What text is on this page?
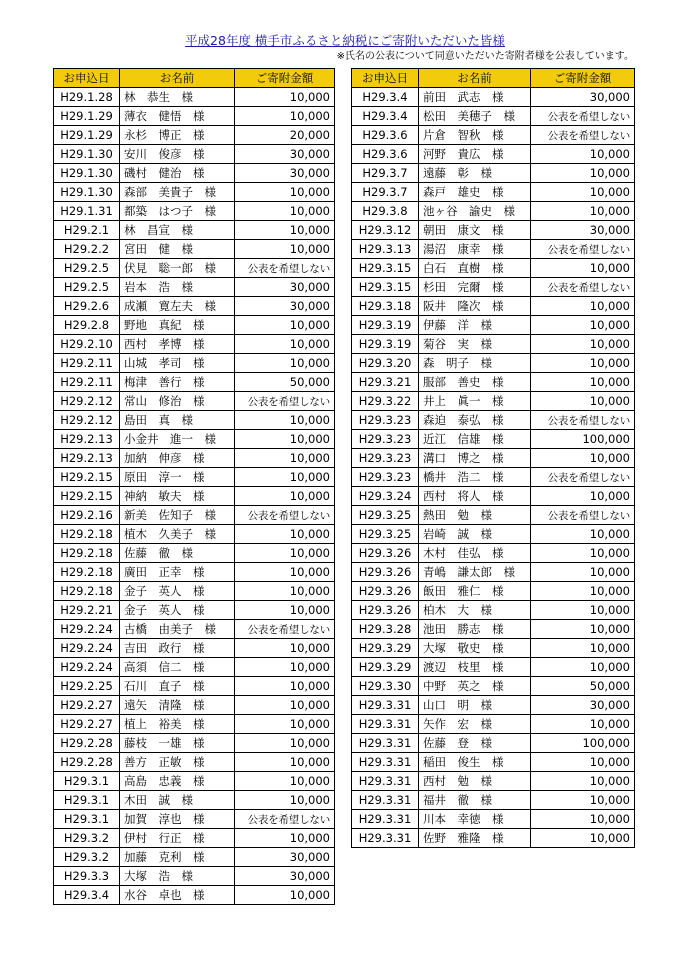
平成28年度 横手市ふるさと納税にご寄附いただいた皆様
※氏名の公表について同意いただいた寄附者様を公表しています。
お申込日	お名前	ご寄附金額
H29.1.28	林　恭生　様	10,000
H29.1.29	薄衣　健悟　様	10,000
H29.1.29	永杉　博正　様	20,000
H29.1.30	安川　俊彦　様	30,000
H29.1.30	磯村　健治　様	30,000
H29.1.30	森部　美貴子　様	10,000
H29.1.31	都築　はつ子　様	10,000
H29.2.1	林　昌宣　様	10,000
H29.2.2	宮田　健　様	10,000
H29.2.5	伏見　聡一郎　様	公表を希望しない
H29.2.5	岩本　浩　様	30,000
H29.2.6	成瀬　寛左夫　様	30,000
H29.2.8	野地　真紀　様	10,000
H29.2.10	西村　孝博　様	10,000
H29.2.11	山城　孝司　様	10,000
H29.2.11	梅津　善行　様	50,000
H29.2.12	常山　修治　様	公表を希望しない
H29.2.12	島田　真　様	10,000
H29.2.13	小金井　進一　様	10,000
H29.2.13	加納　伸彦　様	10,000
H29.2.15	原田　淳一　様	10,000
H29.2.15	神納　敏夫　様	10,000
H29.2.16	新美　佐知子　様	公表を希望しない
H29.2.18	植木　久美子　様	10,000
H29.2.18	佐藤　徹　様	10,000
H29.2.18	廣田　正幸　様	10,000
H29.2.18	金子　英人　様	10,000
H29.2.21	金子　英人　様	10,000
H29.2.24	古橋　由美子　様	公表を希望しない
H29.2.24	吉田　政行　様	10,000
H29.2.24	高須　信二　様	10,000
H29.2.25	石川　直子　様	10,000
H29.2.27	遠矢　清隆　様	10,000
H29.2.27	植上　裕美　様	10,000
H29.2.28	藤枝　一雄　様	10,000
H29.2.28	善方　正敏　様	10,000
H29.3.1	高島　忠義　様	10,000
H29.3.1	木田　誠　様	10,000
H29.3.1	加賀　淳也　様	公表を希望しない
H29.3.2	伊村　行正　様	10,000
H29.3.2	加藤　克利　様	30,000
H29.3.3	大塚　浩　様	30,000
H29.3.4	水谷　卓也　様	10,000
お申込日	お名前	ご寄附金額
H29.3.4	前田　武志　様	30,000
H29.3.4	松田　美穂子　様	公表を希望しない
H29.3.6	片倉　智秋　様	公表を希望しない
H29.3.6	河野　貴広　様	10,000
H29.3.7	遠藤　彰　様	10,000
H29.3.7	森戸　雄史　様	10,000
H29.3.8	池ヶ谷　諭史　様	10,000
H29.3.12	朝田　康文　様	30,000
H29.3.13	湯沼　康幸　様	公表を希望しない
H29.3.15	白石　直樹　様	10,000
H29.3.15	杉田　完爾　様	公表を希望しない
H29.3.18	阪井　隆次　様	10,000
H29.3.19	伊藤　洋　様	10,000
H29.3.19	菊谷　実　様	10,000
H29.3.20	森　明子　様	10,000
H29.3.21	服部　善史　様	10,000
H29.3.22	井上　眞一　様	10,000
H29.3.23	森迫　泰弘　様	公表を希望しない
H29.3.23	近江　信雄　様	100,000
H29.3.23	溝口　博之　様	10,000
H29.3.23	橋井　浩二　様	公表を希望しない
H29.3.24	西村　将人　様	10,000
H29.3.25	熱田　勉　様	公表を希望しない
H29.3.25	岩崎　誠　様	10,000
H29.3.26	木村　佳弘　様	10,000
H29.3.26	青嶋　謙太郎　様	10,000
H29.3.26	飯田　雅仁　様	10,000
H29.3.26	柏木　大　様	10,000
H29.3.28	池田　勝志　様	10,000
H29.3.29	大塚　敬史　様	10,000
H29.3.29	渡辺　枝里　様	10,000
H29.3.30	中野　英之　様	50,000
H29.3.31	山口　明　様	30,000
H29.3.31	矢作　宏　様	10,000
H29.3.31	佐藤　登　様	100,000
H29.3.31	稲田　俊生　様	10,000
H29.3.31	西村　勉　様	10,000
H29.3.31	福井　徹　様	10,000
H29.3.31	川本　幸徳　様	10,000
H29.3.31	佐野　雅隆　様	10,000
